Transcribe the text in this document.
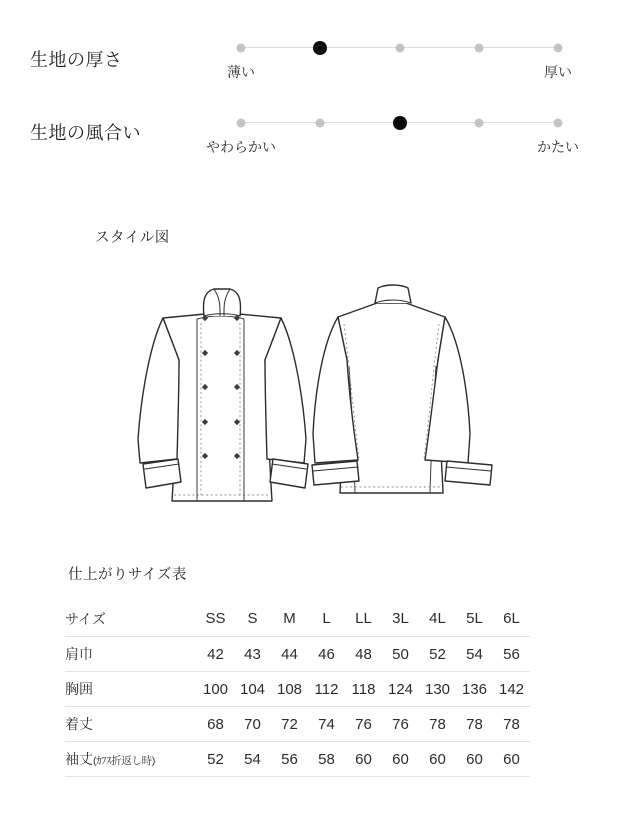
生地の厚さ
薄い	厚い
生地の風合い
やわらかい	かたい
スタイル図
仕上がりサイズ表
サイズ	SS	S	M	L	LL	3L	4L	5L	6L
肩巾	42	43	44	46	48	50	52	54	56
胸囲	100	104	108	112	118	124	130	136	142
着丈	68	70	72	74	76	76	78	78	78
袖丈(ｶﾌｽ折返し時)	52	54	56	58	60	60	60	60	60
